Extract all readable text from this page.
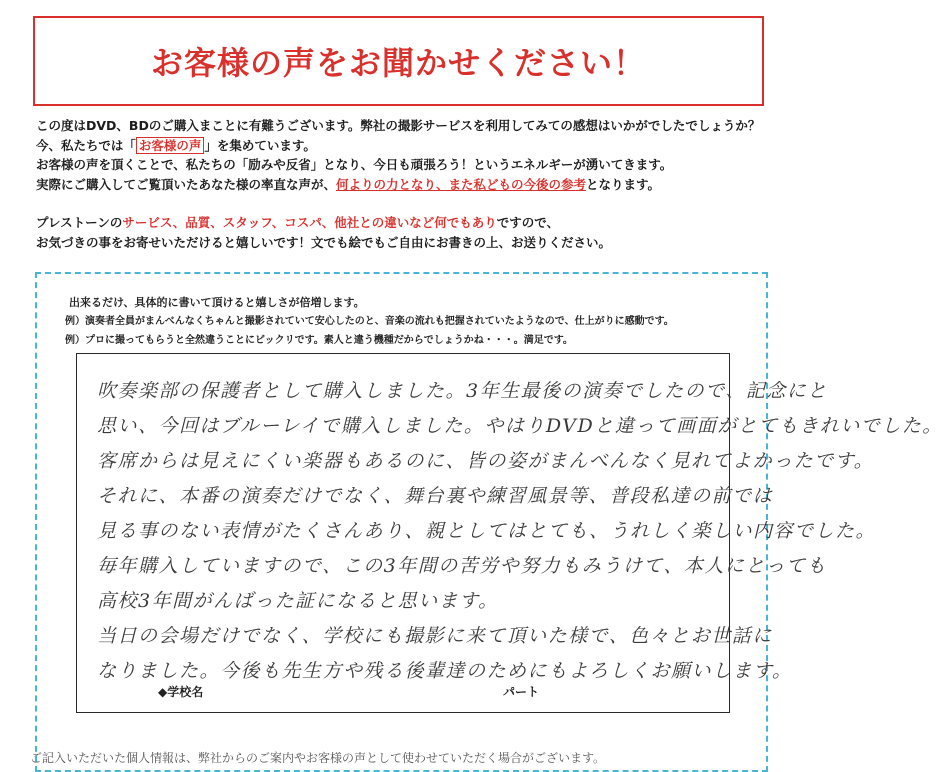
お客様の声をお聞かせください！

この度はDVD、BDのご購入まことに有難うございます。弊社の撮影サービスを利用してみての感想はいかがでしたでしょうか？

今、私たちでは「 お客様の声 」を集めています。

お客様の声を頂くことで、私たちの「励みや反省」となり、今日も頑張ろう！というエネルギーが湧いてきます。

実際にご購入してご覧頂いたあなた様の率直な声が、何よりの力となり、また私どもの今後の参考となります。

プレストーンのサービス、品質、スタッフ、コスパ、他社との違いなど何でもありですので、

お気づきの事をお寄せいただけると嬉しいです！文でも絵でもご自由にお書きの上、お送りください。

出来るだけ、具体的に書いて頂けると嬉しさが倍増します。

例）演奏者全員がまんべんなくちゃんと撮影されていて安心したのと、音楽の流れも把握されていたようなので、仕上がりに感動です。

例）プロに撮ってもらうと全然違うことにビックリです。素人と違う機種だからでしょうかね・・・。満足です。

吹奏楽部の保護者として購入しました。3年生最後の演奏でしたので、記念にと

思い、今回はブルーレイで購入しました。やはりDVDと違って画面がとてもきれいでした。

客席からは見えにくい楽器もあるのに、皆の姿がまんべんなく見れてよかったです。

それに、本番の演奏だけでなく、舞台裏や練習風景等、普段私達の前では

見る事のない表情がたくさんあり、親としてはとても、うれしく楽しい内容でした。

毎年購入していますので、この3年間の苦労や努力もみうけて、本人にとっても

高校3年間がんばった証になると思います。

当日の会場だけでなく、学校にも撮影に来て頂いた様で、色々とお世話に

なりました。今後も先生方や残る後輩達のためにもよろしくお願いします。

◆学校名	パート
ご記入いただいた個人情報は、弊社からのご案内やお客様の声として使わせていただく場合がございます。
